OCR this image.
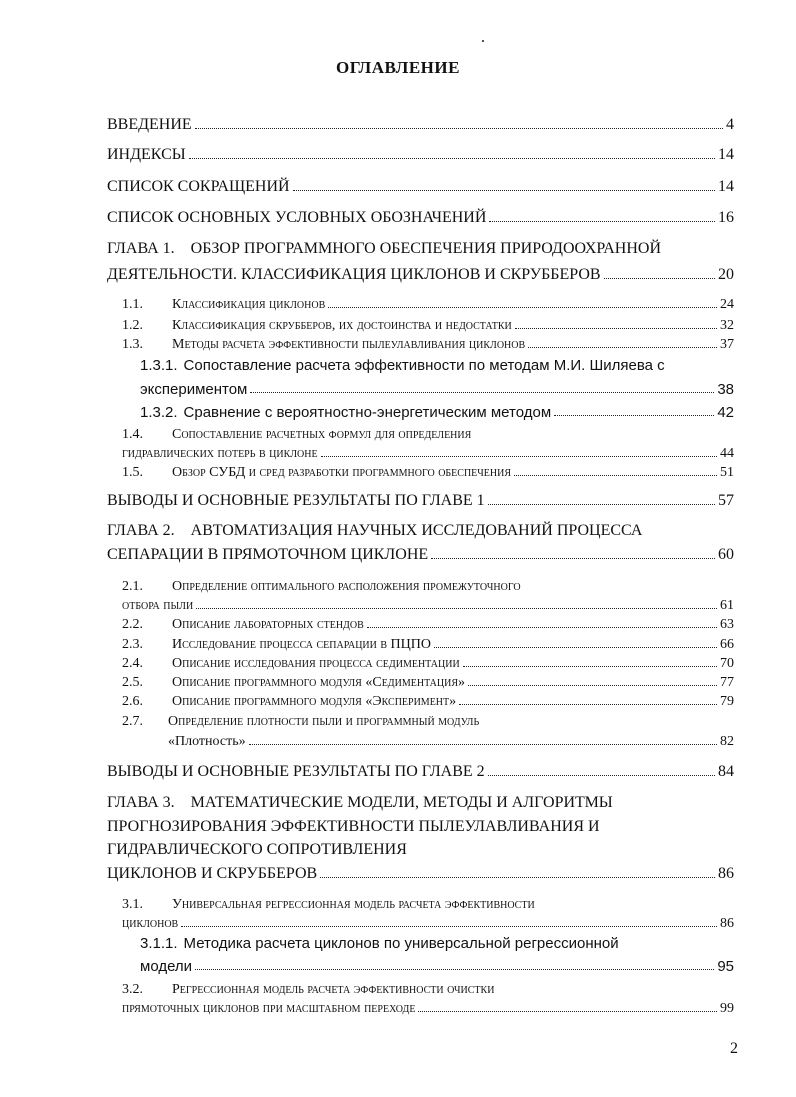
ОГЛАВЛЕНИЕ
ВВЕДЕНИЕ	4
ИНДЕКСЫ	14
СПИСОК СОКРАЩЕНИЙ	14
СПИСОК ОСНОВНЫХ УСЛОВНЫХ ОБОЗНАЧЕНИЙ	16
ГЛАВА 1. ОБЗОР ПРОГРАММНОГО ОБЕСПЕЧЕНИЯ ПРИРОДООХРАННОЙ
ДЕЯТЕЛЬНОСТИ. КЛАССИФИКАЦИЯ ЦИКЛОНОВ И СКРУББЕРОВ	20
1.1.	Классификация циклонов	24
1.2.	Классификация скрубберов, их достоинства и недостатки	32
1.3.	Методы расчета эффективности пылеулавливания циклонов	37
1.3.1. Сопоставление расчета эффективности по методам М.И. Шиляева с
экспериментом	38
1.3.2. Сравнение с вероятностно-энергетическим методом	42
1.4.	Сопоставление расчетных формул для определения
гидравлических потерь в циклоне	44
1.5.	Обзор СУБД и сред разработки программного обеспечения	51
ВЫВОДЫ И ОСНОВНЫЕ РЕЗУЛЬТАТЫ ПО ГЛАВЕ 1	57
ГЛАВА 2. АВТОМАТИЗАЦИЯ НАУЧНЫХ ИССЛЕДОВАНИЙ ПРОЦЕССА
СЕПАРАЦИИ В ПРЯМОТОЧНОМ ЦИКЛОНЕ	60
2.1.	Определение оптимального расположения промежуточного
отбора пыли	61
2.2.	Описание лабораторных стендов	63
2.3.	Исследование процесса сепарации в ПЦПО	66
2.4.	Описание исследования процесса седиментации	70
2.5.	Описание программного модуля «Седиментация»	77
2.6.	Описание программного модуля «Эксперимент»	79
2.7.	Определение плотности пыли и программный модуль
«Плотность»	82
ВЫВОДЫ И ОСНОВНЫЕ РЕЗУЛЬТАТЫ ПО ГЛАВЕ 2	84
ГЛАВА 3. МАТЕМАТИЧЕСКИЕ МОДЕЛИ, МЕТОДЫ И АЛГОРИТМЫ
ПРОГНОЗИРОВАНИЯ ЭФФЕКТИВНОСТИ ПЫЛЕУЛАВЛИВАНИЯ И
ГИДРАВЛИЧЕСКОГО СОПРОТИВЛЕНИЯ
ЦИКЛОНОВ И СКРУББЕРОВ	86
3.1.	Универсальная регрессионная модель расчета эффективности
циклонов	86
3.1.1. Методика расчета циклонов по универсальной регрессионной
модели	95
3.2.	Регрессионная модель расчета эффективности очистки
прямоточных циклонов при масштабном переходе	99
2
